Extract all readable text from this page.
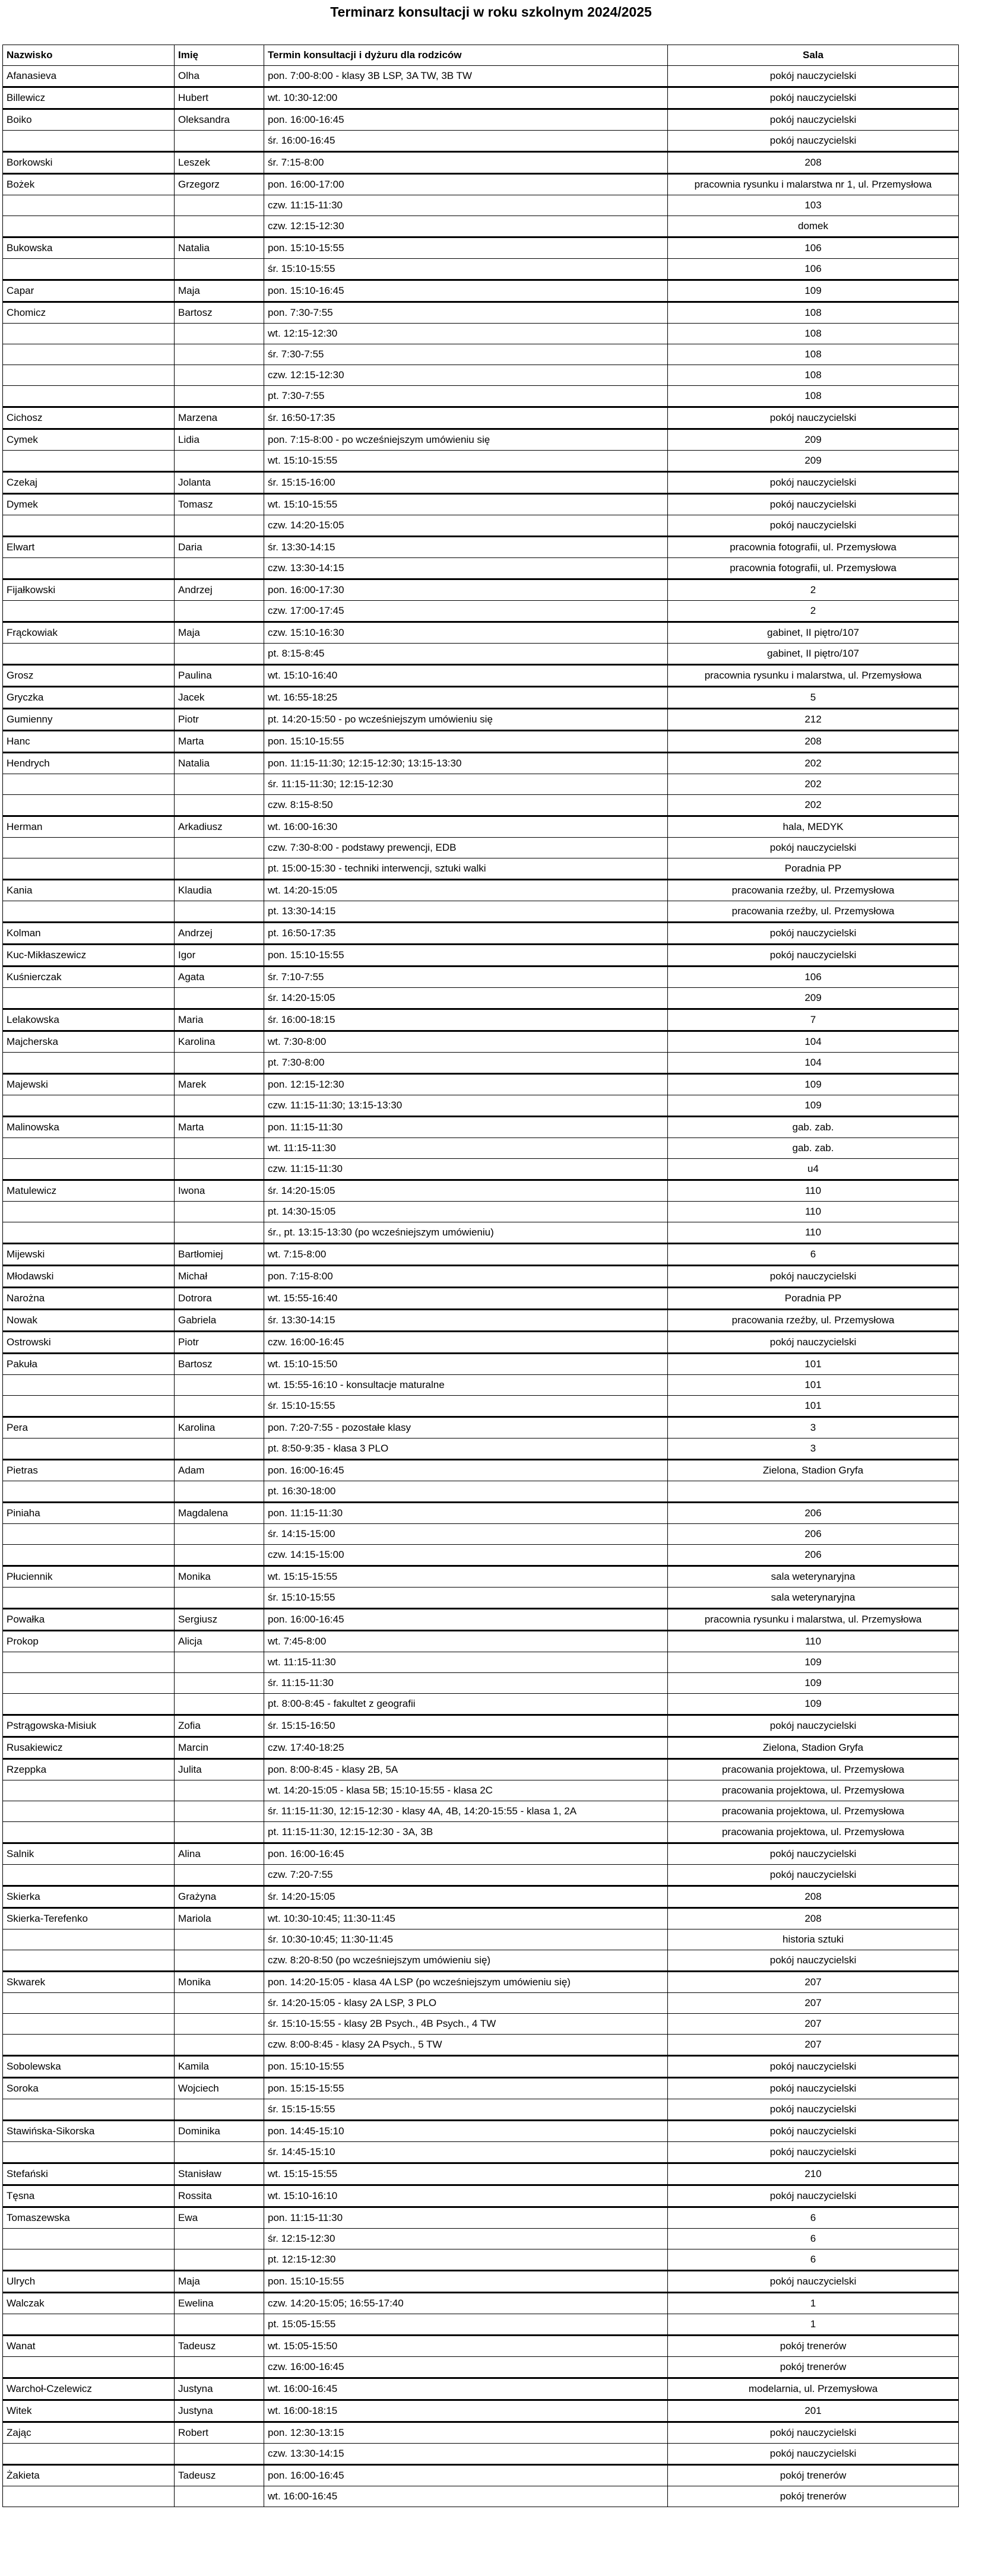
Terminarz konsultacji w roku szkolnym 2024/2025
Nazwisko	Imię	Termin konsultacji i dyżuru dla rodziców	Sala
Afanasieva	Olha	pon. 7:00-8:00 - klasy 3B LSP, 3A TW, 3B TW	pokój nauczycielski
Billewicz	Hubert	wt. 10:30-12:00	pokój nauczycielski
Boiko	Oleksandra	pon. 16:00-16:45	pokój nauczycielski
		śr. 16:00-16:45	pokój nauczycielski
Borkowski	Leszek	śr. 7:15-8:00	208
Bożek	Grzegorz	pon. 16:00-17:00	pracownia rysunku i malarstwa nr 1, ul. Przemysłowa
		czw. 11:15-11:30	103
		czw. 12:15-12:30	domek
Bukowska	Natalia	pon. 15:10-15:55	106
		śr. 15:10-15:55	106
Capar	Maja	pon. 15:10-16:45	109
Chomicz	Bartosz	pon. 7:30-7:55	108
		wt. 12:15-12:30	108
		śr. 7:30-7:55	108
		czw. 12:15-12:30	108
		pt. 7:30-7:55	108
Cichosz	Marzena	śr. 16:50-17:35	pokój nauczycielski
Cymek	Lidia	pon. 7:15-8:00 - po wcześniejszym umówieniu się	209
		wt. 15:10-15:55	209
Czekaj	Jolanta	śr. 15:15-16:00	pokój nauczycielski
Dymek	Tomasz	wt. 15:10-15:55	pokój nauczycielski
		czw. 14:20-15:05	pokój nauczycielski
Elwart	Daria	śr. 13:30-14:15	pracownia fotografii, ul. Przemysłowa
		czw. 13:30-14:15	pracownia fotografii, ul. Przemysłowa
Fijałkowski	Andrzej	pon. 16:00-17:30	2
		czw. 17:00-17:45	2
Frąckowiak	Maja	czw. 15:10-16:30	gabinet, II piętro/107
		pt. 8:15-8:45	gabinet, II piętro/107
Grosz	Paulina	wt. 15:10-16:40	pracownia rysunku i malarstwa, ul. Przemysłowa
Gryczka	Jacek	wt. 16:55-18:25	5
Gumienny	Piotr	pt. 14:20-15:50 - po wcześniejszym umówieniu się	212
Hanc	Marta	pon. 15:10-15:55	208
Hendrych	Natalia	pon. 11:15-11:30; 12:15-12:30; 13:15-13:30	202
		śr. 11:15-11:30; 12:15-12:30	202
		czw. 8:15-8:50	202
Herman	Arkadiusz	wt. 16:00-16:30	hala, MEDYK
		czw. 7:30-8:00 - podstawy prewencji, EDB	pokój nauczycielski
		pt. 15:00-15:30 - techniki interwencji, sztuki walki	Poradnia PP
Kania	Klaudia	wt. 14:20-15:05	pracowania rzeźby, ul. Przemysłowa
		pt. 13:30-14:15	pracowania rzeźby, ul. Przemysłowa
Kolman	Andrzej	pt. 16:50-17:35	pokój nauczycielski
Kuc-Mikłaszewicz	Igor	pon. 15:10-15:55	pokój nauczycielski
Kuśnierczak	Agata	śr. 7:10-7:55	106
		śr. 14:20-15:05	209
Lelakowska	Maria	śr. 16:00-18:15	7
Majcherska	Karolina	wt. 7:30-8:00	104
		pt. 7:30-8:00	104
Majewski	Marek	pon. 12:15-12:30	109
		czw. 11:15-11:30; 13:15-13:30	109
Malinowska	Marta	pon. 11:15-11:30	gab. zab.
		wt. 11:15-11:30	gab. zab.
		czw. 11:15-11:30	u4
Matulewicz	Iwona	śr. 14:20-15:05	110
		pt. 14:30-15:05	110
		śr., pt. 13:15-13:30 (po wcześniejszym umówieniu)	110
Mijewski	Bartłomiej	wt. 7:15-8:00	6
Młodawski	Michał	pon. 7:15-8:00	pokój nauczycielski
Narożna	Dotrora	wt. 15:55-16:40	Poradnia PP
Nowak	Gabriela	śr. 13:30-14:15	pracowania rzeźby, ul. Przemysłowa
Ostrowski	Piotr	czw. 16:00-16:45	pokój nauczycielski
Pakuła	Bartosz	wt. 15:10-15:50	101
		wt. 15:55-16:10 - konsultacje maturalne	101
		śr. 15:10-15:55	101
Pera	Karolina	pon. 7:20-7:55 - pozostałe klasy	3
		pt. 8:50-9:35 - klasa 3 PLO	3
Pietras	Adam	pon. 16:00-16:45	Zielona, Stadion Gryfa
		pt. 16:30-18:00	
Piniaha	Magdalena	pon. 11:15-11:30	206
		śr. 14:15-15:00	206
		czw. 14:15-15:00	206
Płuciennik	Monika	wt. 15:15-15:55	sala weterynaryjna
		śr. 15:10-15:55	sala weterynaryjna
Powałka	Sergiusz	pon. 16:00-16:45	pracownia rysunku i malarstwa, ul. Przemysłowa
Prokop	Alicja	wt. 7:45-8:00	110
		wt. 11:15-11:30	109
		śr. 11:15-11:30	109
		pt. 8:00-8:45 - fakultet z geografii	109
Pstrągowska-Misiuk	Zofia	śr. 15:15-16:50	pokój nauczycielski
Rusakiewicz	Marcin	czw. 17:40-18:25	Zielona, Stadion Gryfa
Rzeppka	Julita	pon. 8:00-8:45 - klasy 2B, 5A	pracowania projektowa, ul. Przemysłowa
		wt. 14:20-15:05 - klasa 5B; 15:10-15:55 - klasa 2C	pracowania projektowa, ul. Przemysłowa
		śr. 11:15-11:30, 12:15-12:30 - klasy 4A, 4B, 14:20-15:55 - klasa 1, 2A	pracowania projektowa, ul. Przemysłowa
		pt. 11:15-11:30, 12:15-12:30 - 3A, 3B	pracowania projektowa, ul. Przemysłowa
Salnik	Alina	pon. 16:00-16:45	pokój nauczycielski
		czw. 7:20-7:55	pokój nauczycielski
Skierka	Grażyna	śr. 14:20-15:05	208
Skierka-Terefenko	Mariola	wt. 10:30-10:45; 11:30-11:45	208
		śr. 10:30-10:45; 11:30-11:45	historia sztuki
		czw. 8:20-8:50 (po wcześniejszym umówieniu się)	pokój nauczycielski
Skwarek	Monika	pon. 14:20-15:05 - klasa 4A LSP (po wcześniejszym umówieniu się)	207
		śr. 14:20-15:05 - klasy 2A LSP, 3 PLO	207
		śr. 15:10-15:55 - klasy 2B Psych., 4B Psych., 4 TW	207
		czw. 8:00-8:45 - klasy 2A Psych., 5 TW	207
Sobolewska	Kamila	pon. 15:10-15:55	pokój nauczycielski
Soroka	Wojciech	pon. 15:15-15:55	pokój nauczycielski
		śr. 15:15-15:55	pokój nauczycielski
Stawińska-Sikorska	Dominika	pon. 14:45-15:10	pokój nauczycielski
		śr. 14:45-15:10	pokój nauczycielski
Stefański	Stanisław	wt. 15:15-15:55	210
Tęsna	Rossita	wt. 15:10-16:10	pokój nauczycielski
Tomaszewska	Ewa	pon. 11:15-11:30	6
		śr. 12:15-12:30	6
		pt. 12:15-12:30	6
Ulrych	Maja	pon. 15:10-15:55	pokój nauczycielski
Walczak	Ewelina	czw. 14:20-15:05; 16:55-17:40	1
		pt. 15:05-15:55	1
Wanat	Tadeusz	wt. 15:05-15:50	pokój trenerów
		czw. 16:00-16:45	pokój trenerów
Warchoł-Czelewicz	Justyna	wt. 16:00-16:45	modelarnia, ul. Przemysłowa
Witek	Justyna	wt. 16:00-18:15	201
Zając	Robert	pon. 12:30-13:15	pokój nauczycielski
		czw. 13:30-14:15	pokój nauczycielski
Żakieta	Tadeusz	pon. 16:00-16:45	pokój trenerów
		wt. 16:00-16:45	pokój trenerów
